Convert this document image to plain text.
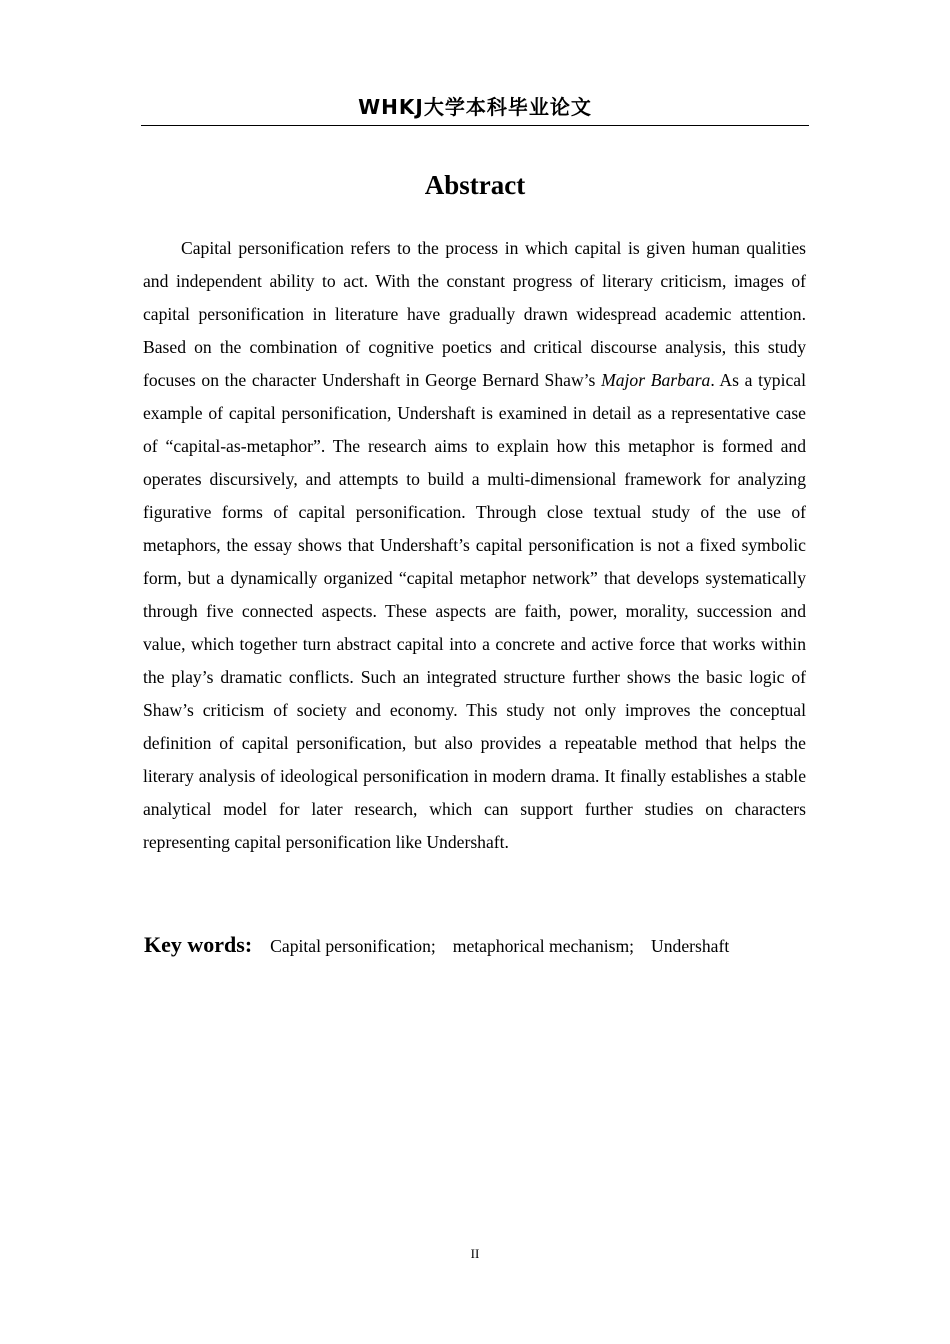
WHKJ大学本科毕业论文
Abstract

Capital personification refers to the process in which capital is given human qualities and independent ability to act. With the constant progress of literary criticism, images of capital personification in literature have gradually drawn widespread academic attention. Based on the combination of cognitive poetics and critical discourse analysis, this study focuses on the character Undershaft in George Bernard Shaw’s Major Barbara. As a typical example of capital personification, Undershaft is examined in detail as a representative case of “capital-as-metaphor”. The research aims to explain how this metaphor is formed and operates discursively, and attempts to build a multi-dimensional framework for analyzing figurative forms of capital personification. Through close textual study of the use of metaphors, the essay shows that Undershaft’s capital personification is not a fixed symbolic form, but a dynamically organized “capital metaphor network” that develops systematically through five connected aspects. These aspects are faith, power, morality, succession and value, which together turn abstract capital into a concrete and active force that works within the play’s dramatic conflicts. Such an integrated structure further shows the basic logic of Shaw’s criticism of society and economy. This study not only improves the conceptual definition of capital personification, but also provides a repeatable method that helps the literary analysis of ideological personification in modern drama. It finally establishes a stable analytical model for later research, which can support further studies on characters representing capital personification like Undershaft.

Key words: Capital personification; metaphorical mechanism; Undershaft
II
